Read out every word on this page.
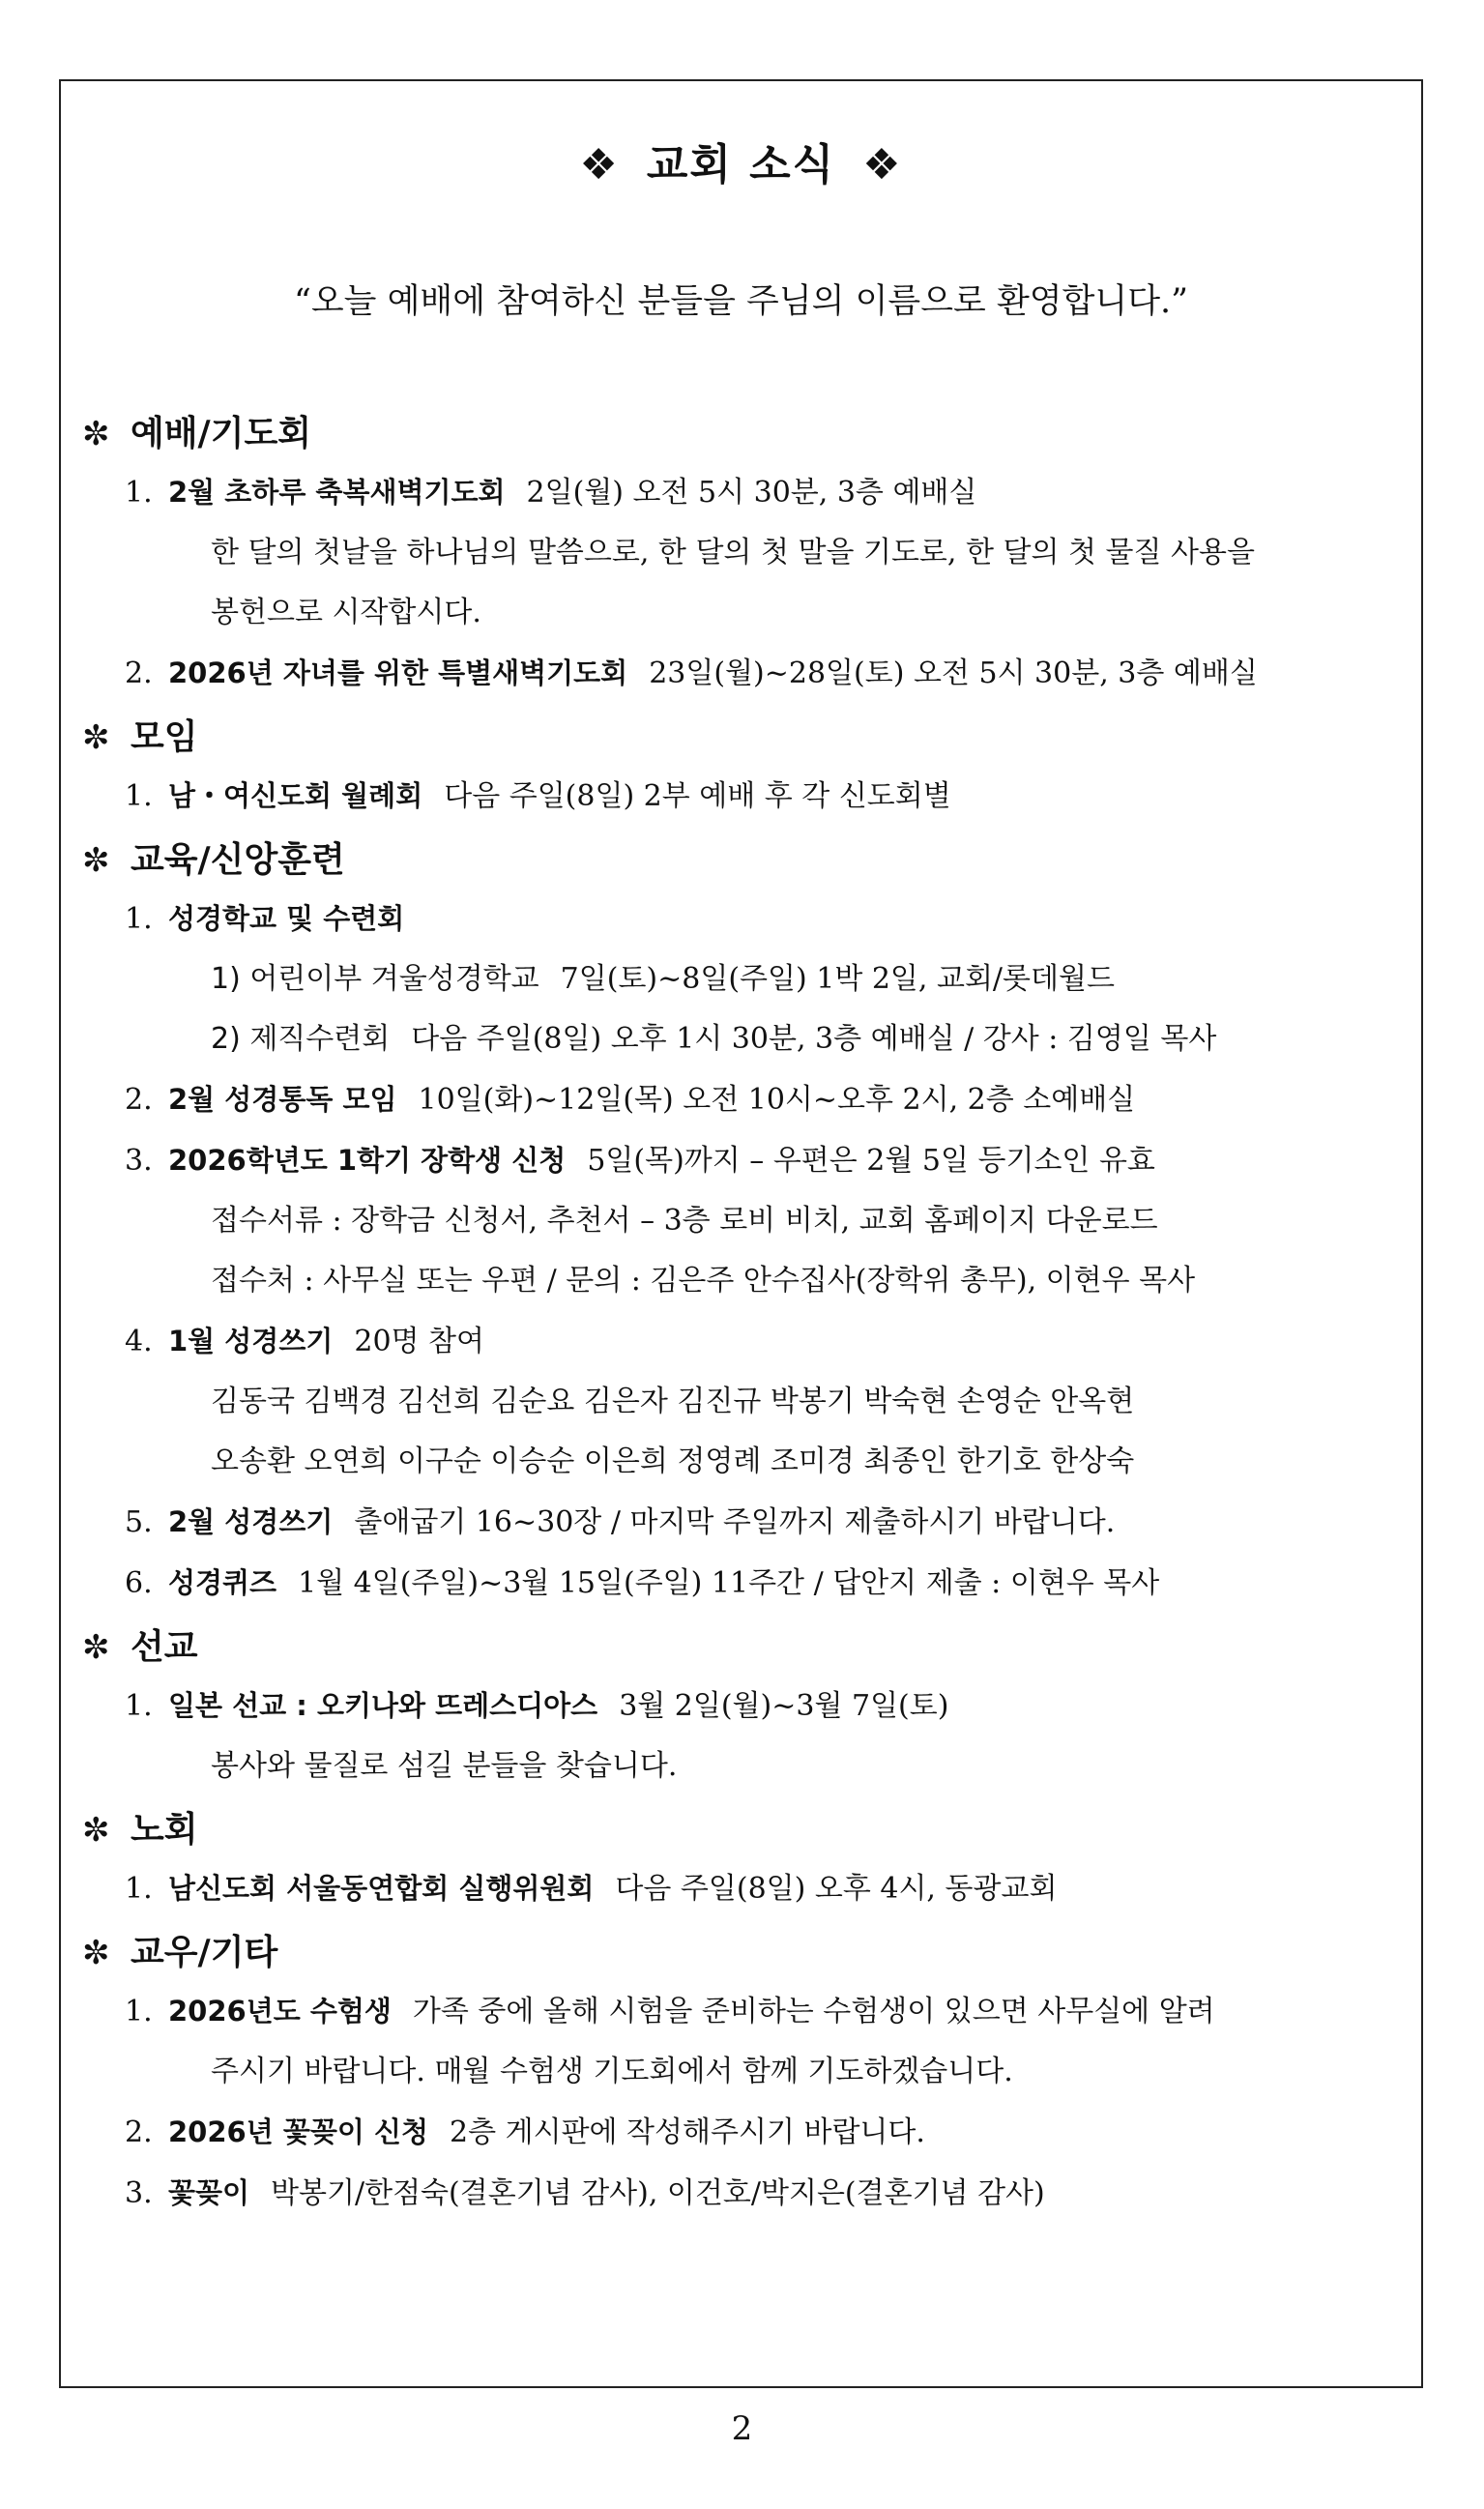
❖ 교회 소식 ❖
“오늘 예배에 참여하신 분들을 주님의 이름으로 환영합니다.”
✼ 예배/기도회
1. 2월 초하루 축복새벽기도회 2일(월) 오전 5시 30분, 3층 예배실
한 달의 첫날을 하나님의 말씀으로, 한 달의 첫 말을 기도로, 한 달의 첫 물질 사용을
봉헌으로 시작합시다.
2. 2026년 자녀를 위한 특별새벽기도회 23일(월)~28일(토) 오전 5시 30분, 3층 예배실
✼ 모임
1. 남・여신도회 월례회 다음 주일(8일) 2부 예배 후 각 신도회별
✼ 교육/신앙훈련
1. 성경학교 및 수련회
1) 어린이부 겨울성경학교 7일(토)~8일(주일) 1박 2일, 교회/롯데월드
2) 제직수련회 다음 주일(8일) 오후 1시 30분, 3층 예배실 / 강사 : 김영일 목사
2. 2월 성경통독 모임 10일(화)~12일(목) 오전 10시~오후 2시, 2층 소예배실
3. 2026학년도 1학기 장학생 신청 5일(목)까지 – 우편은 2월 5일 등기소인 유효
접수서류 : 장학금 신청서, 추천서 – 3층 로비 비치, 교회 홈페이지 다운로드
접수처 : 사무실 또는 우편 / 문의 : 김은주 안수집사(장학위 총무), 이현우 목사
4. 1월 성경쓰기 20명 참여
김동국 김백경 김선희 김순요 김은자 김진규 박봉기 박숙현 손영순 안옥현
오송환 오연희 이구순 이승순 이은희 정영례 조미경 최종인 한기호 한상숙
5. 2월 성경쓰기 출애굽기 16~30장 / 마지막 주일까지 제출하시기 바랍니다.
6. 성경퀴즈 1월 4일(주일)~3월 15일(주일) 11주간 / 답안지 제출 : 이현우 목사
✼ 선교
1. 일본 선교 : 오키나와 뜨레스디아스 3월 2일(월)~3월 7일(토)
봉사와 물질로 섬길 분들을 찾습니다.
✼ 노회
1. 남신도회 서울동연합회 실행위원회 다음 주일(8일) 오후 4시, 동광교회
✼ 교우/기타
1. 2026년도 수험생 가족 중에 올해 시험을 준비하는 수험생이 있으면 사무실에 알려
주시기 바랍니다. 매월 수험생 기도회에서 함께 기도하겠습니다.
2. 2026년 꽃꽂이 신청 2층 게시판에 작성해주시기 바랍니다.
3. 꽃꽂이 박봉기/한점숙(결혼기념 감사), 이건호/박지은(결혼기념 감사)
2
